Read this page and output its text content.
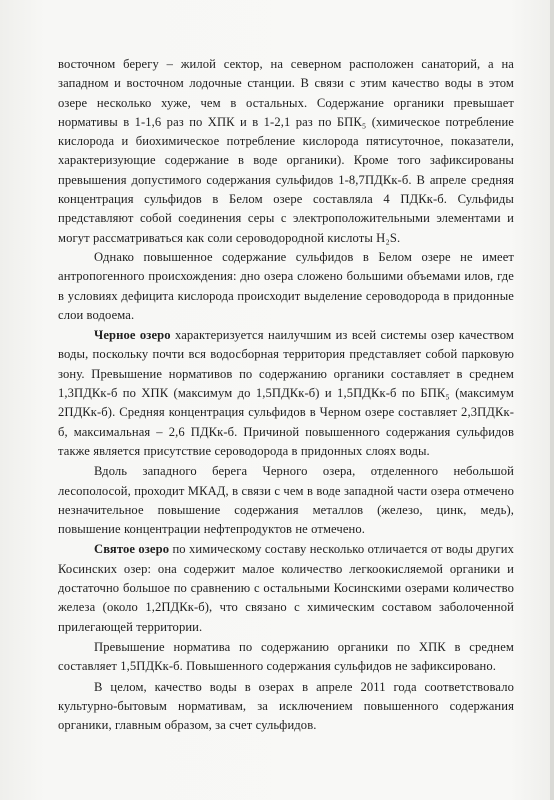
восточном берегу – жилой сектор, на северном расположен санаторий, а на западном и восточном лодочные станции. В связи с этим качество воды в этом озере несколько хуже, чем в остальных. Содержание органики превышает нормативы в 1-1,6 раз по ХПК и в 1-2,1 раз по БПК₅ (химическое потребление кислорода и биохимическое потребление кислорода пятисуточное, показатели, характеризующие содержание в воде органики). Кроме того зафиксированы превышения допустимого содержания сульфидов 1-8,7ПДКк-б. В апреле средняя концентрация сульфидов в Белом озере составляла 4 ПДКк-б. Сульфиды представляют собой соединения серы с электроположительными элементами и могут рассматриваться как соли сероводородной кислоты H₂S.

Однако повышенное содержание сульфидов в Белом озере не имеет антропогенного происхождения: дно озера сложено большими объемами илов, где в условиях дефицита кислорода происходит выделение сероводорода в придонные слои водоема.

Черное озеро характеризуется наилучшим из всей системы озер качеством воды, поскольку почти вся водосборная территория представляет собой парковую зону. Превышение нормативов по содержанию органики составляет в среднем 1,3ПДКк-б по ХПК (максимум до 1,5ПДКк-б) и 1,5ПДКк-б по БПК₅ (максимум 2ПДКк-б). Средняя концентрация сульфидов в Черном озере составляет 2,3ПДКк-б, максимальная – 2,6 ПДКк-б. Причиной повышенного содержания сульфидов также является присутствие сероводорода в придонных слоях воды.

Вдоль западного берега Черного озера, отделенного небольшой лесополосой, проходит МКАД, в связи с чем в воде западной части озера отмечено незначительное повышение содержания металлов (железо, цинк, медь), повышение концентрации нефтепродуктов не отмечено.

Святое озеро по химическому составу несколько отличается от воды других Косинских озер: она содержит малое количество легкоокисляемой органики и достаточно большое по сравнению с остальными Косинскими озерами количество железа (около 1,2ПДКк-б), что связано с химическим составом заболоченной прилегающей территории.

Превышение норматива по содержанию органики по ХПК в среднем составляет 1,5ПДКк-б. Повышенного содержания сульфидов не зафиксировано.

В целом, качество воды в озерах в апреле 2011 года соответствовало культурно-бытовым нормативам, за исключением повышенного содержания органики, главным образом, за счет сульфидов.
